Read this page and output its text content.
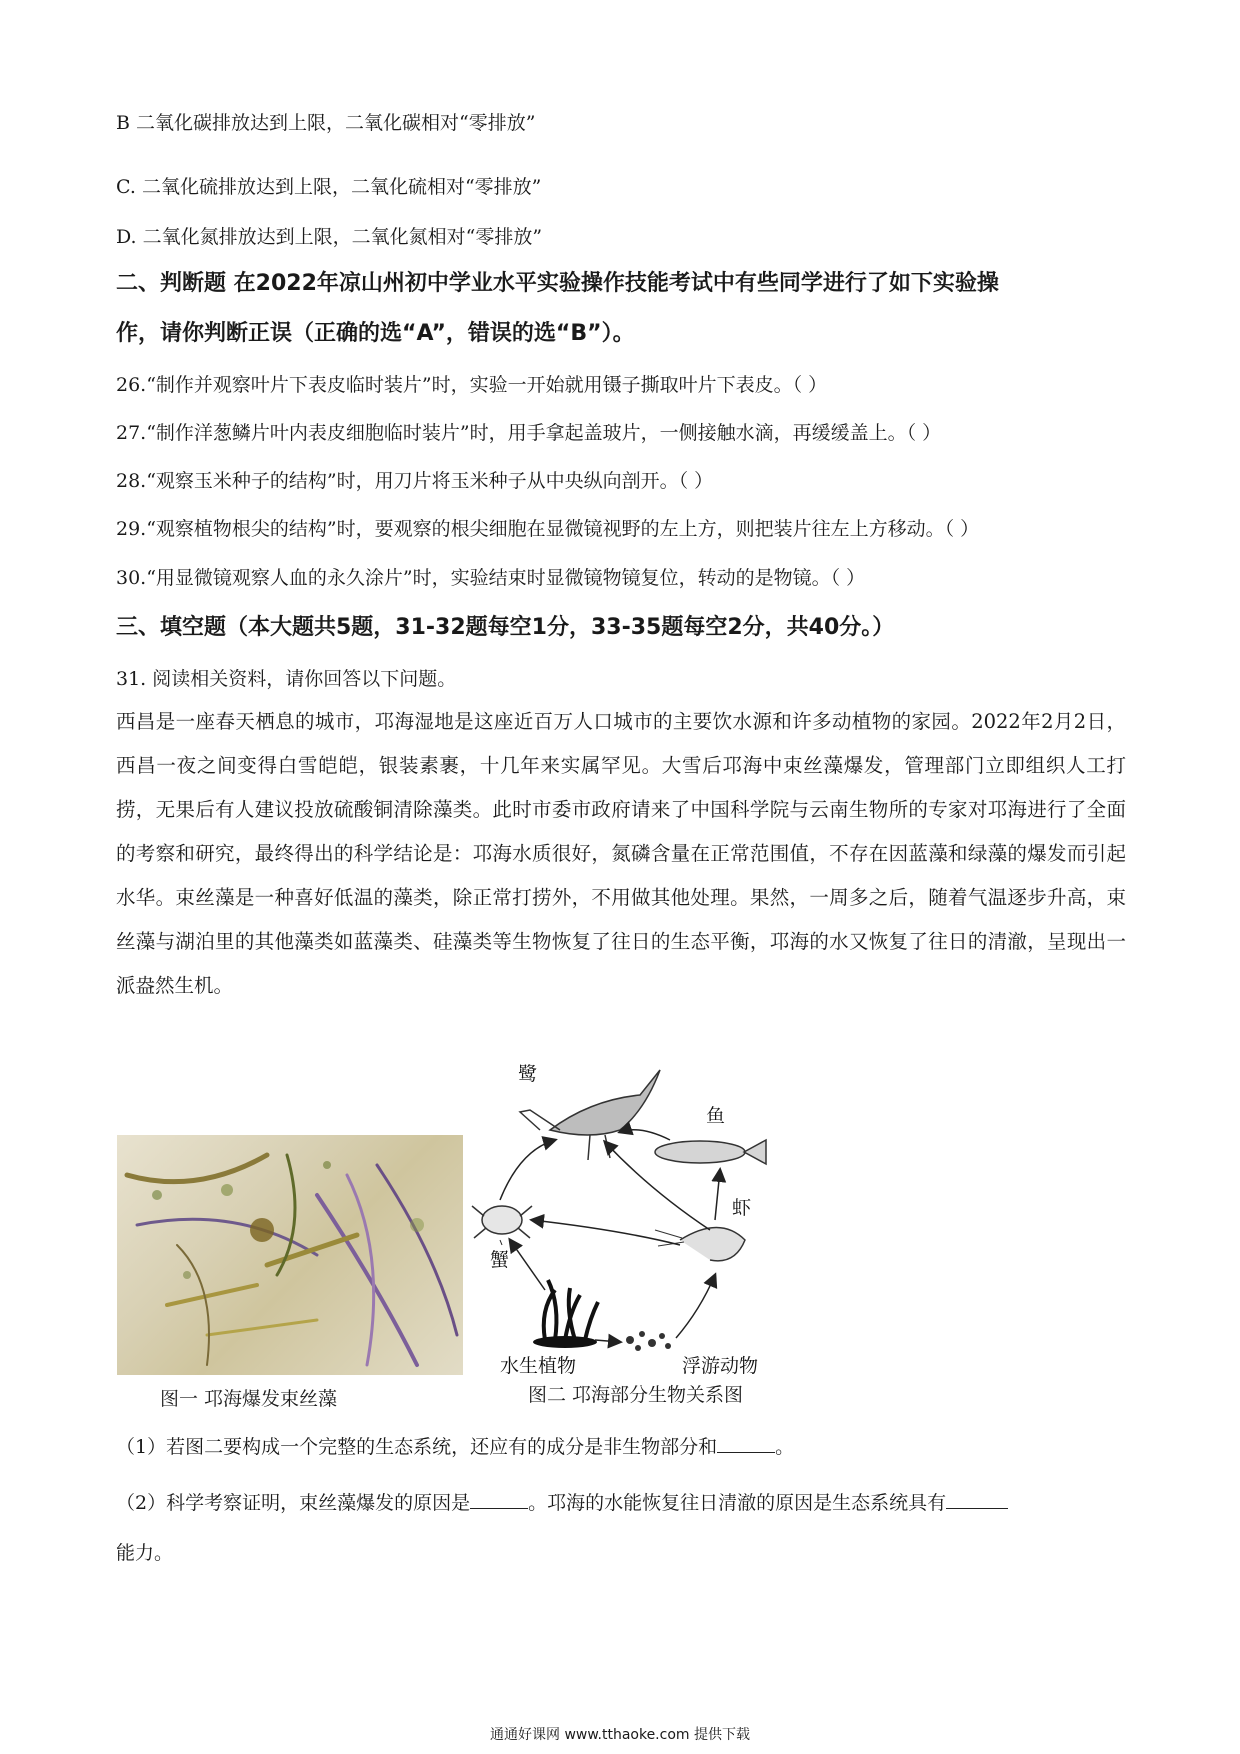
B 二氧化碳排放达到上限，二氧化碳相对“零排放”
C. 二氧化硫排放达到上限，二氧化硫相对“零排放”
D. 二氧化氮排放达到上限，二氧化氮相对“零排放”
二、判断题 在2022年凉山州初中学业水平实验操作技能考试中有些同学进行了如下实验操
作，请你判断正误（正确的选“A”，错误的选“B”）。
26.“制作并观察叶片下表皮临时装片”时，实验一开始就用镊子撕取叶片下表皮。（ ）
27.“制作洋葱鳞片叶内表皮细胞临时装片”时，用手拿起盖玻片，一侧接触水滴，再缓缓盖上。（ ）
28.“观察玉米种子的结构”时，用刀片将玉米种子从中央纵向剖开。（ ）
29.“观察植物根尖的结构”时，要观察的根尖细胞在显微镜视野的左上方，则把装片往左上方移动。（ ）
30.“用显微镜观察人血的永久涂片”时，实验结束时显微镜物镜复位，转动的是物镜。（ ）
三、填空题（本大题共5题，31-32题每空1分，33-35题每空2分，共40分。）
31. 阅读相关资料，请你回答以下问题。
西昌是一座春天栖息的城市，邛海湿地是这座近百万人口城市的主要饮水源和许多动植物的家园。2022年2月2日，西昌一夜之间变得白雪皑皑，银装素裹，十几年来实属罕见。大雪后邛海中束丝藻爆发，管理部门立即组织人工打捞，无果后有人建议投放硫酸铜清除藻类。此时市委市政府请来了中国科学院与云南生物所的专家对邛海进行了全面的考察和研究，最终得出的科学结论是：邛海水质很好，氮磷含量在正常范围值，不存在因蓝藻和绿藻的爆发而引起水华。束丝藻是一种喜好低温的藻类，除正常打捞外，不用做其他处理。果然，一周多之后，随着气温逐步升高，束丝藻与湖泊里的其他藻类如蓝藻类、硅藻类等生物恢复了往日的生态平衡，邛海的水又恢复了往日的清澈，呈现出一派盎然生机。
图一 邛海爆发束丝藻
鹭
鱼
虾
蟹
水生植物	浮游动物
图二 邛海部分生物关系图
（1）若图二要构成一个完整的生态系统，还应有的成分是非生物部分和	。
（2）科学考察证明，束丝藻爆发的原因是	。邛海的水能恢复往日清澈的原因是生态系统具有
能力。
通通好课网 www.tthaoke.com 提供下载
